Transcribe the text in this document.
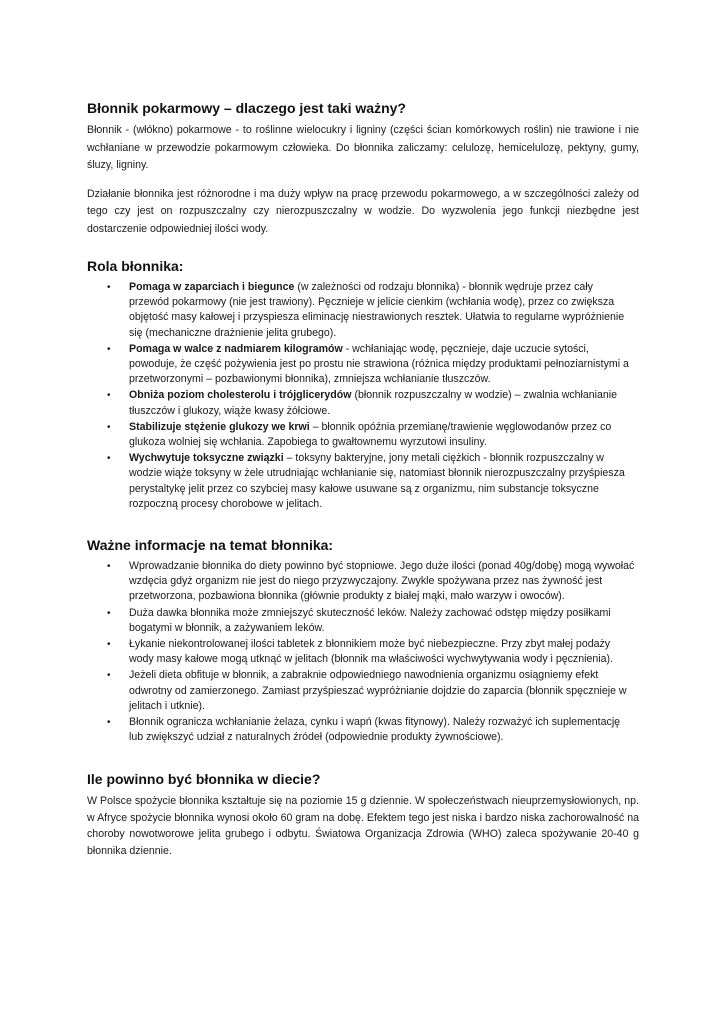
Błonnik pokarmowy – dlaczego jest taki ważny?

Błonnik - (włókno) pokarmowe - to roślinne wielocukry i ligniny (części ścian komórkowych roślin) nie trawione i nie wchłaniane w przewodzie pokarmowym człowieka. Do błonnika zaliczamy: celulozę, hemicelulozę, pektyny, gumy, śluzy, ligniny.

Działanie błonnika jest różnorodne i ma duży wpływ na pracę przewodu pokarmowego, a w szczególności zależy od tego czy jest on rozpuszczalny czy nierozpuszczalny w wodzie. Do wyzwolenia jego funkcji niezbędne jest dostarczenie odpowiedniej ilości wody.

Rola błonnika:
• Pomaga w zaparciach i biegunce (w zależności od rodzaju błonnika) - błonnik wędruje przez cały przewód pokarmowy (nie jest trawiony). Pęcznieje w jelicie cienkim (wchłania wodę), przez co zwiększa objętość masy kałowej i przyspiesza eliminację niestrawionych resztek. Ułatwia to regularne wypróżnienie się (mechaniczne drażnienie jelita grubego).
• Pomaga w walce z nadmiarem kilogramów - wchłaniając wodę, pęcznieje, daje uczucie sytości, powoduje, że część pożywienia jest po prostu nie strawiona (różnica między produktami pełnoziarnistymi a przetworzonymi – pozbawionymi błonnika), zmniejsza wchłanianie tłuszczów.
• Obniża poziom cholesterolu i trójglicerydów (błonnik rozpuszczalny w wodzie) – zwalnia wchłanianie tłuszczów i glukozy, wiąże kwasy żółciowe.
• Stabilizuje stężenie glukozy we krwi – błonnik opóźnia przemianę/trawienie węglowodanów przez co glukoza wolniej się wchłania. Zapobiega to gwałtownemu wyrzutowi insuliny.
• Wychwytuje toksyczne związki – toksyny bakteryjne, jony metali ciężkich - błonnik rozpuszczalny w wodzie wiąże toksyny w żele utrudniając wchłanianie się, natomiast błonnik nierozpuszczalny przyśpiesza perystaltykę jelit przez co szybciej masy kałowe usuwane są z organizmu, nim substancje toksyczne rozpoczną procesy chorobowe w jelitach.
Ważne informacje na temat błonnika:
• Wprowadzanie błonnika do diety powinno być stopniowe. Jego duże ilości (ponad 40g/dobę) mogą wywołać wzdęcia gdyż organizm nie jest do niego przyzwyczajony. Zwykle spożywana przez nas żywność jest przetworzona, pozbawiona błonnika (głównie produkty z białej mąki, mało warzyw i owoców).
• Duża dawka błonnika może zmniejszyć skuteczność leków. Należy zachować odstęp między posiłkami bogatymi w błonnik, a zażywaniem leków.
• Łykanie niekontrolowanej ilości tabletek z błonnikiem może być niebezpieczne. Przy zbyt małej podaży wody masy kałowe mogą utknąć w jelitach (błonnik ma właściwości wychwytywania wody i pęcznienia).
• Jeżeli dieta obfituje w błonnik, a zabraknie odpowiedniego nawodnienia organizmu osiągniemy efekt odwrotny od zamierzonego. Zamiast przyśpieszać wypróżnianie dojdzie do zaparcia (błonnik spęcznieje w jelitach i utknie).
• Błonnik ogranicza wchłanianie żelaza, cynku i wapń (kwas fitynowy). Należy rozważyć ich suplementację lub zwiększyć udział z naturalnych źródeł (odpowiednie produkty żywnościowe).
Ile powinno być błonnika w diecie?

W Polsce spożycie błonnika kształtuje się na poziomie 15 g dziennie. W społeczeństwach nieuprzemysłowionych, np. w Afryce spożycie błonnika wynosi około 60 gram na dobę. Efektem tego jest niska i bardzo niska zachorowalność na choroby nowotworowe jelita grubego i odbytu. Światowa Organizacja Zdrowia (WHO) zaleca spożywanie 20-40 g błonnika dziennie.
